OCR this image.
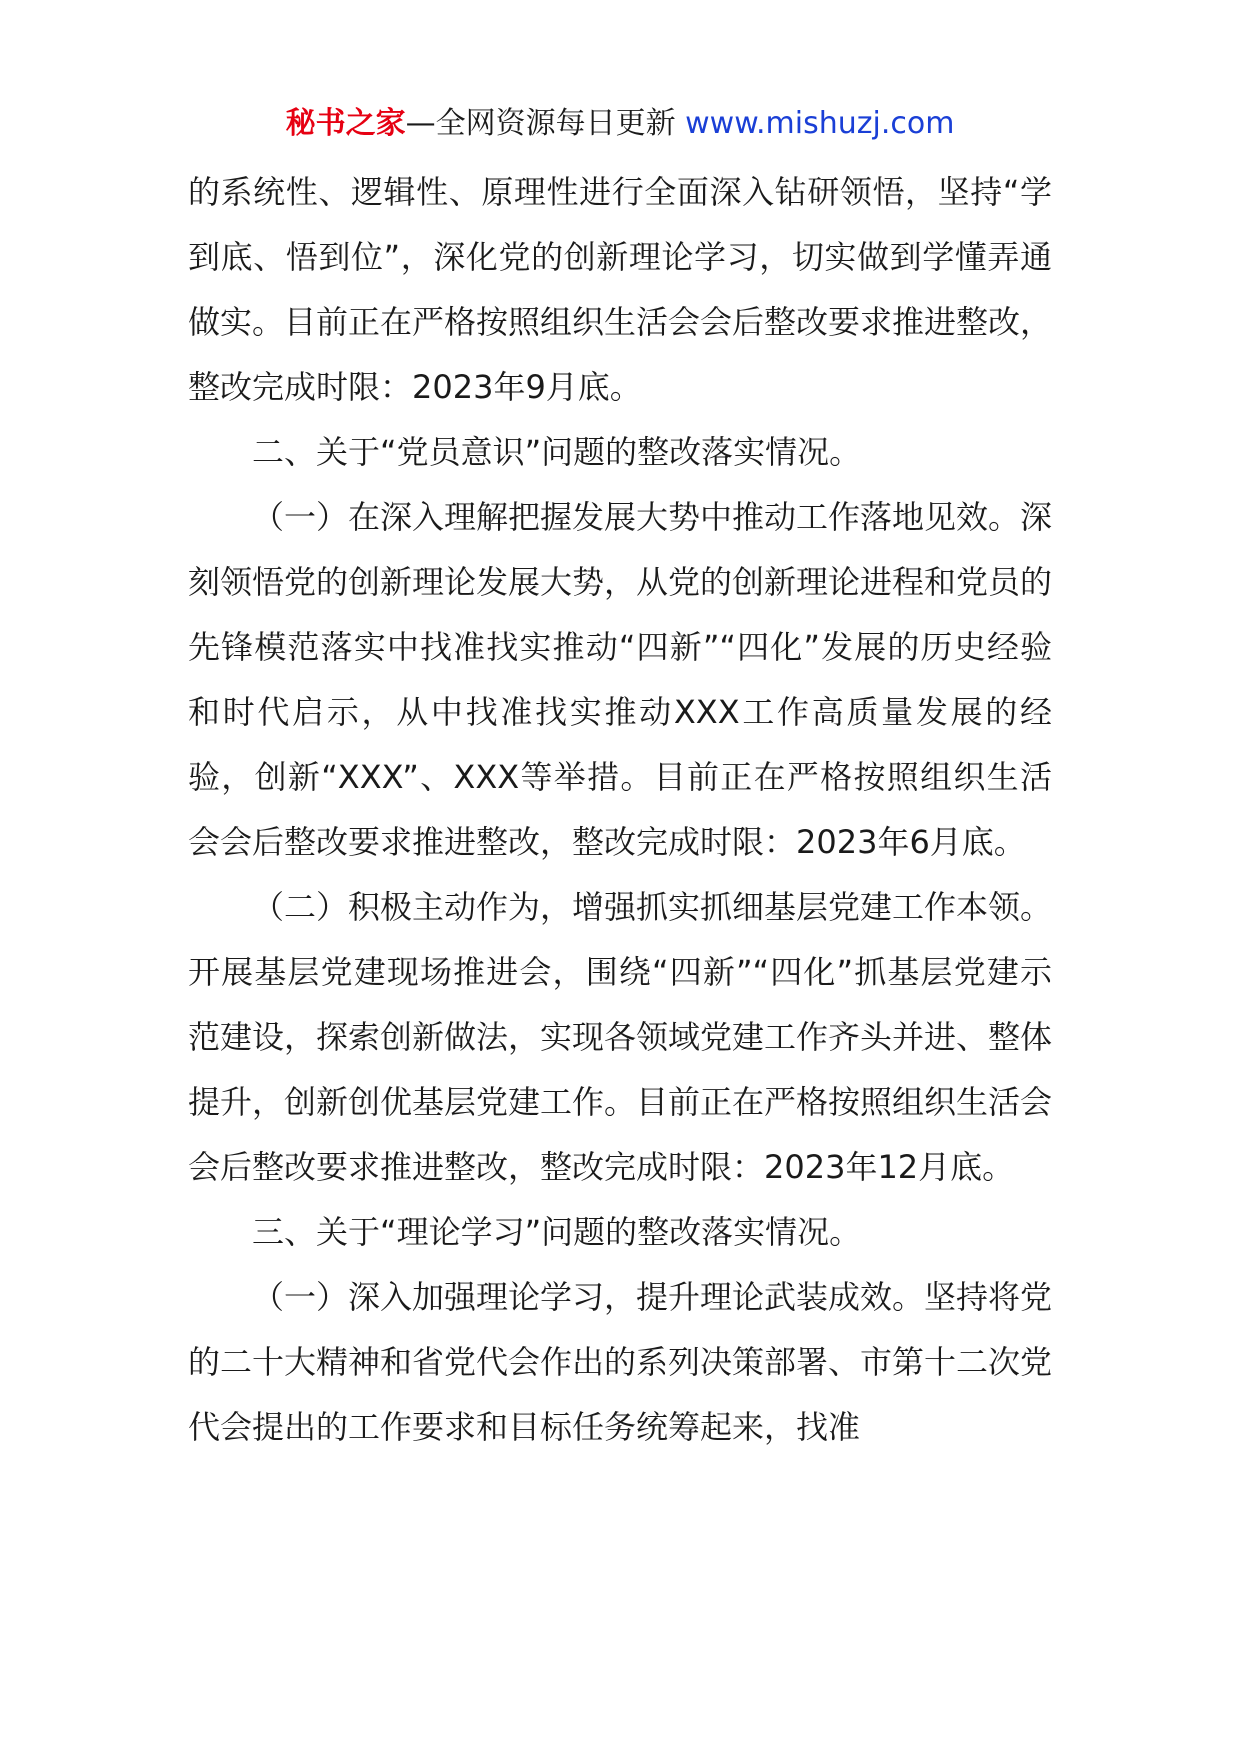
秘书之家—全网资源每日更新 www.mishuzj.com

的系统性、逻辑性、原理性进行全面深入钻研领悟，坚持“学到底、悟到位”，深化党的创新理论学习，切实做到学懂弄通做实。目前正在严格按照组织生活会会后整改要求推进整改，整改完成时限：2023年9月底。

二、关于“党员意识”问题的整改落实情况。

（一）在深入理解把握发展大势中推动工作落地见效。深刻领悟党的创新理论发展大势，从党的创新理论进程和党员的先锋模范落实中找准找实推动“四新”“四化”发展的历史经验和时代启示，从中找准找实推动XXX工作高质量发展的经验，创新“XXX”、XXX等举措。目前正在严格按照组织生活会会后整改要求推进整改，整改完成时限：2023年6月底。

（二）积极主动作为，增强抓实抓细基层党建工作本领。开展基层党建现场推进会，围绕“四新”“四化”抓基层党建示范建设，探索创新做法，实现各领域党建工作齐头并进、整体提升，创新创优基层党建工作。目前正在严格按照组织生活会会后整改要求推进整改，整改完成时限：2023年12月底。

三、关于“理论学习”问题的整改落实情况。

（一）深入加强理论学习，提升理论武装成效。坚持将党的二十大精神和省党代会作出的系列决策部署、市第十二次党代会提出的工作要求和目标任务统筹起来，找准
